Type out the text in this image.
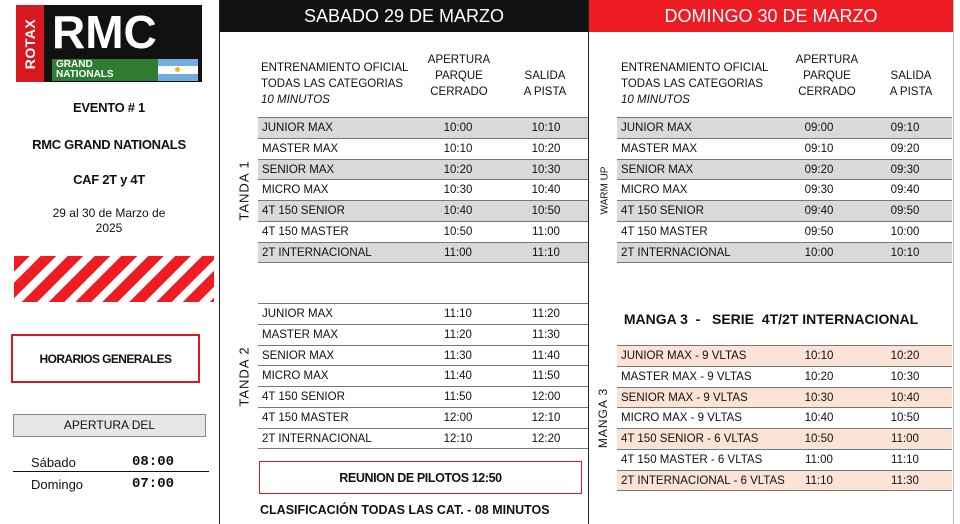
ROTAX RMC
GRAND
NATIONALS
EVENTO # 1
RMC GRAND NATIONALS
CAF 2T y 4T
29 al 30 de Marzo de
2025
HORARIOS GENERALES
APERTURA DEL
Sábado	08:00
Domingo	07:00
SABADO 29 DE MARZO
ENTRENAMIENTO OFICIAL
TODAS LAS CATEGORIAS
10 MINUTOS
APERTURA
PARQUE
CERRADO
SALIDA
A PISTA
TANDA 1
JUNIOR MAX	10:00	10:10
MASTER MAX	10:10	10:20
SENIOR MAX	10:20	10:30
MICRO MAX	10:30	10:40
4T 150 SENIOR	10:40	10:50
4T 150 MASTER	10:50	11:00
2T INTERNACIONAL	11:00	11:10
TANDA 2
JUNIOR MAX	11:10	11:20
MASTER MAX	11:20	11:30
SENIOR MAX	11:30	11:40
MICRO MAX	11:40	11:50
4T 150 SENIOR	11:50	12:00
4T 150 MASTER	12:00	12:10
2T INTERNACIONAL	12:10	12:20
REUNION DE PILOTOS 12:50
CLASIFICACIÓN TODAS LAS CAT. - 08 MINUTOS
DOMINGO 30 DE MARZO
ENTRENAMIENTO OFICIAL
TODAS LAS CATEGORIAS
10 MINUTOS
APERTURA
PARQUE
CERRADO
SALIDA
A PISTA
WARM UP
JUNIOR MAX	09:00	09:10
MASTER MAX	09:10	09:20
SENIOR MAX	09:20	09:30
MICRO MAX	09:30	09:40
4T 150 SENIOR	09:40	09:50
4T 150 MASTER	09:50	10:00
2T INTERNACIONAL	10:00	10:10
MANGA 3  -   SERIE  4T/2T INTERNACIONAL
MANGA 3
JUNIOR MAX - 9 VLTAS	10:10	10:20
MASTER MAX - 9 VLTAS	10:20	10:30
SENIOR MAX - 9 VLTAS	10:30	10:40
MICRO MAX - 9 VLTAS	10:40	10:50
4T 150 SENIOR - 6 VLTAS	10:50	11:00
4T 150 MASTER - 6 VLTAS	11:00	11:10
2T INTERNACIONAL - 6 VLTAS	11:10	11:30
